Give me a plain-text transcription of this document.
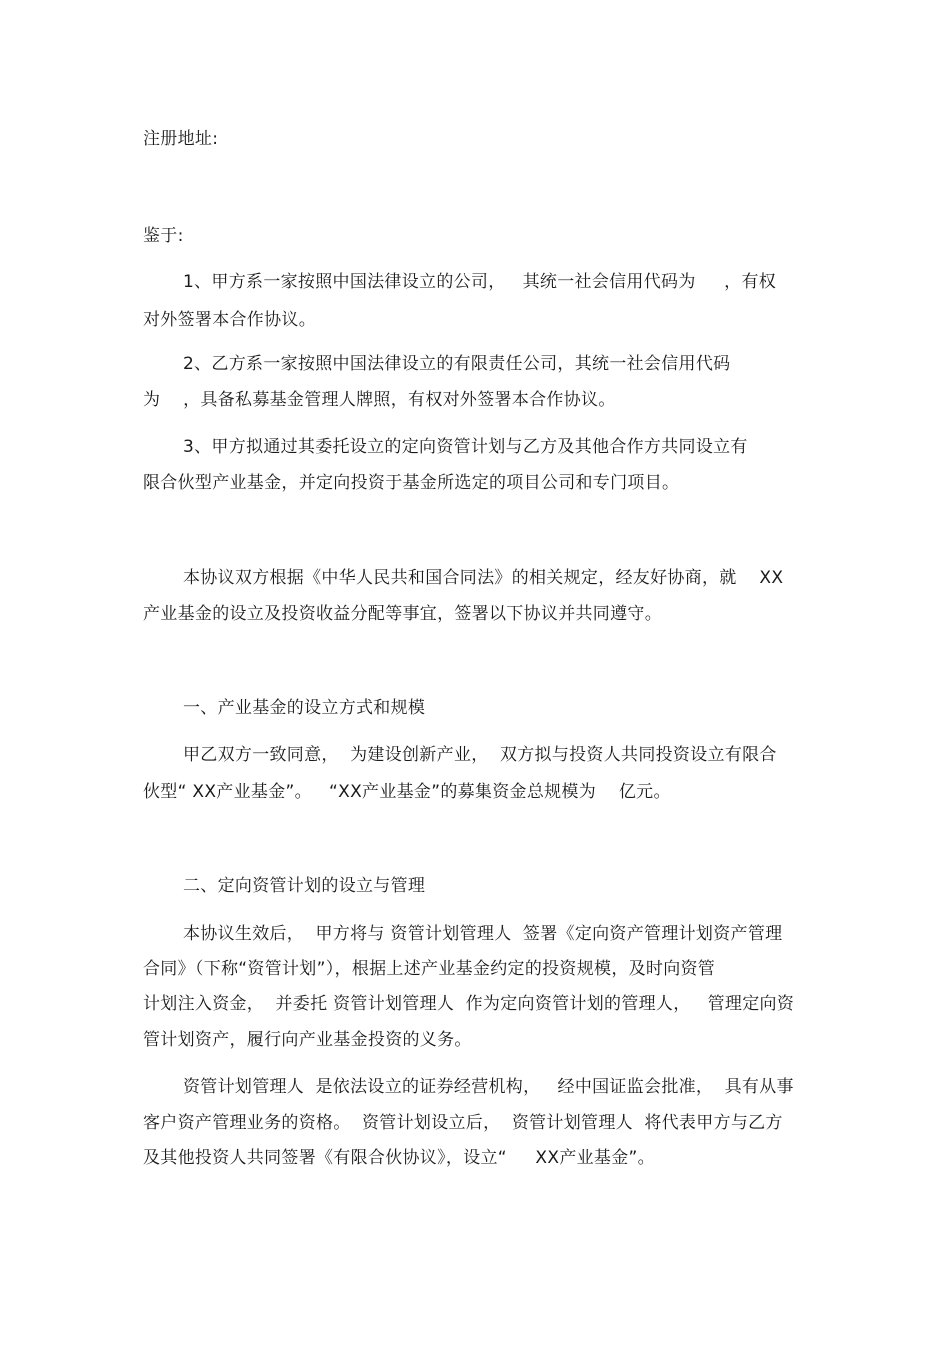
注册地址:
鉴于:
1、甲方系一家按照中国法律设立的公司，   其统一社会信用代码为     ，有权
对外签署本合作协议。
2、乙方系一家按照中国法律设立的有限责任公司，其统一社会信用代码
为    ，具备私募基金管理人牌照，有权对外签署本合作协议。
3、甲方拟通过其委托设立的定向资管计划与乙方及其他合作方共同设立有
限合伙型产业基金，并定向投资于基金所选定的项目公司和专门项目。
本协议双方根据《中华人民共和国合同法》的相关规定，经友好协商，就    XX
产业基金的设立及投资收益分配等事宜，签署以下协议并共同遵守。
一、产业基金的设立方式和规模
甲乙双方一致同意，  为建设创新产业，  双方拟与投资人共同投资设立有限合
伙型“ XX产业基金”。   “XX产业基金”的募集资金总规模为    亿元。
二、定向资管计划的设立与管理
本协议生效后，  甲方将与 资管计划管理人  签署《定向资产管理计划资产管理
合同》（下称“资管计划”），根据上述产业基金约定的投资规模，及时向资管
计划注入资金，  并委托 资管计划管理人  作为定向资管计划的管理人，   管理定向资
管计划资产，履行向产业基金投资的义务。
资管计划管理人  是依法设立的证券经营机构，   经中国证监会批准，  具有从事
客户资产管理业务的资格。  资管计划设立后，  资管计划管理人  将代表甲方与乙方
及其他投资人共同签署《有限合伙协议》，设立“     XX产业基金”。
